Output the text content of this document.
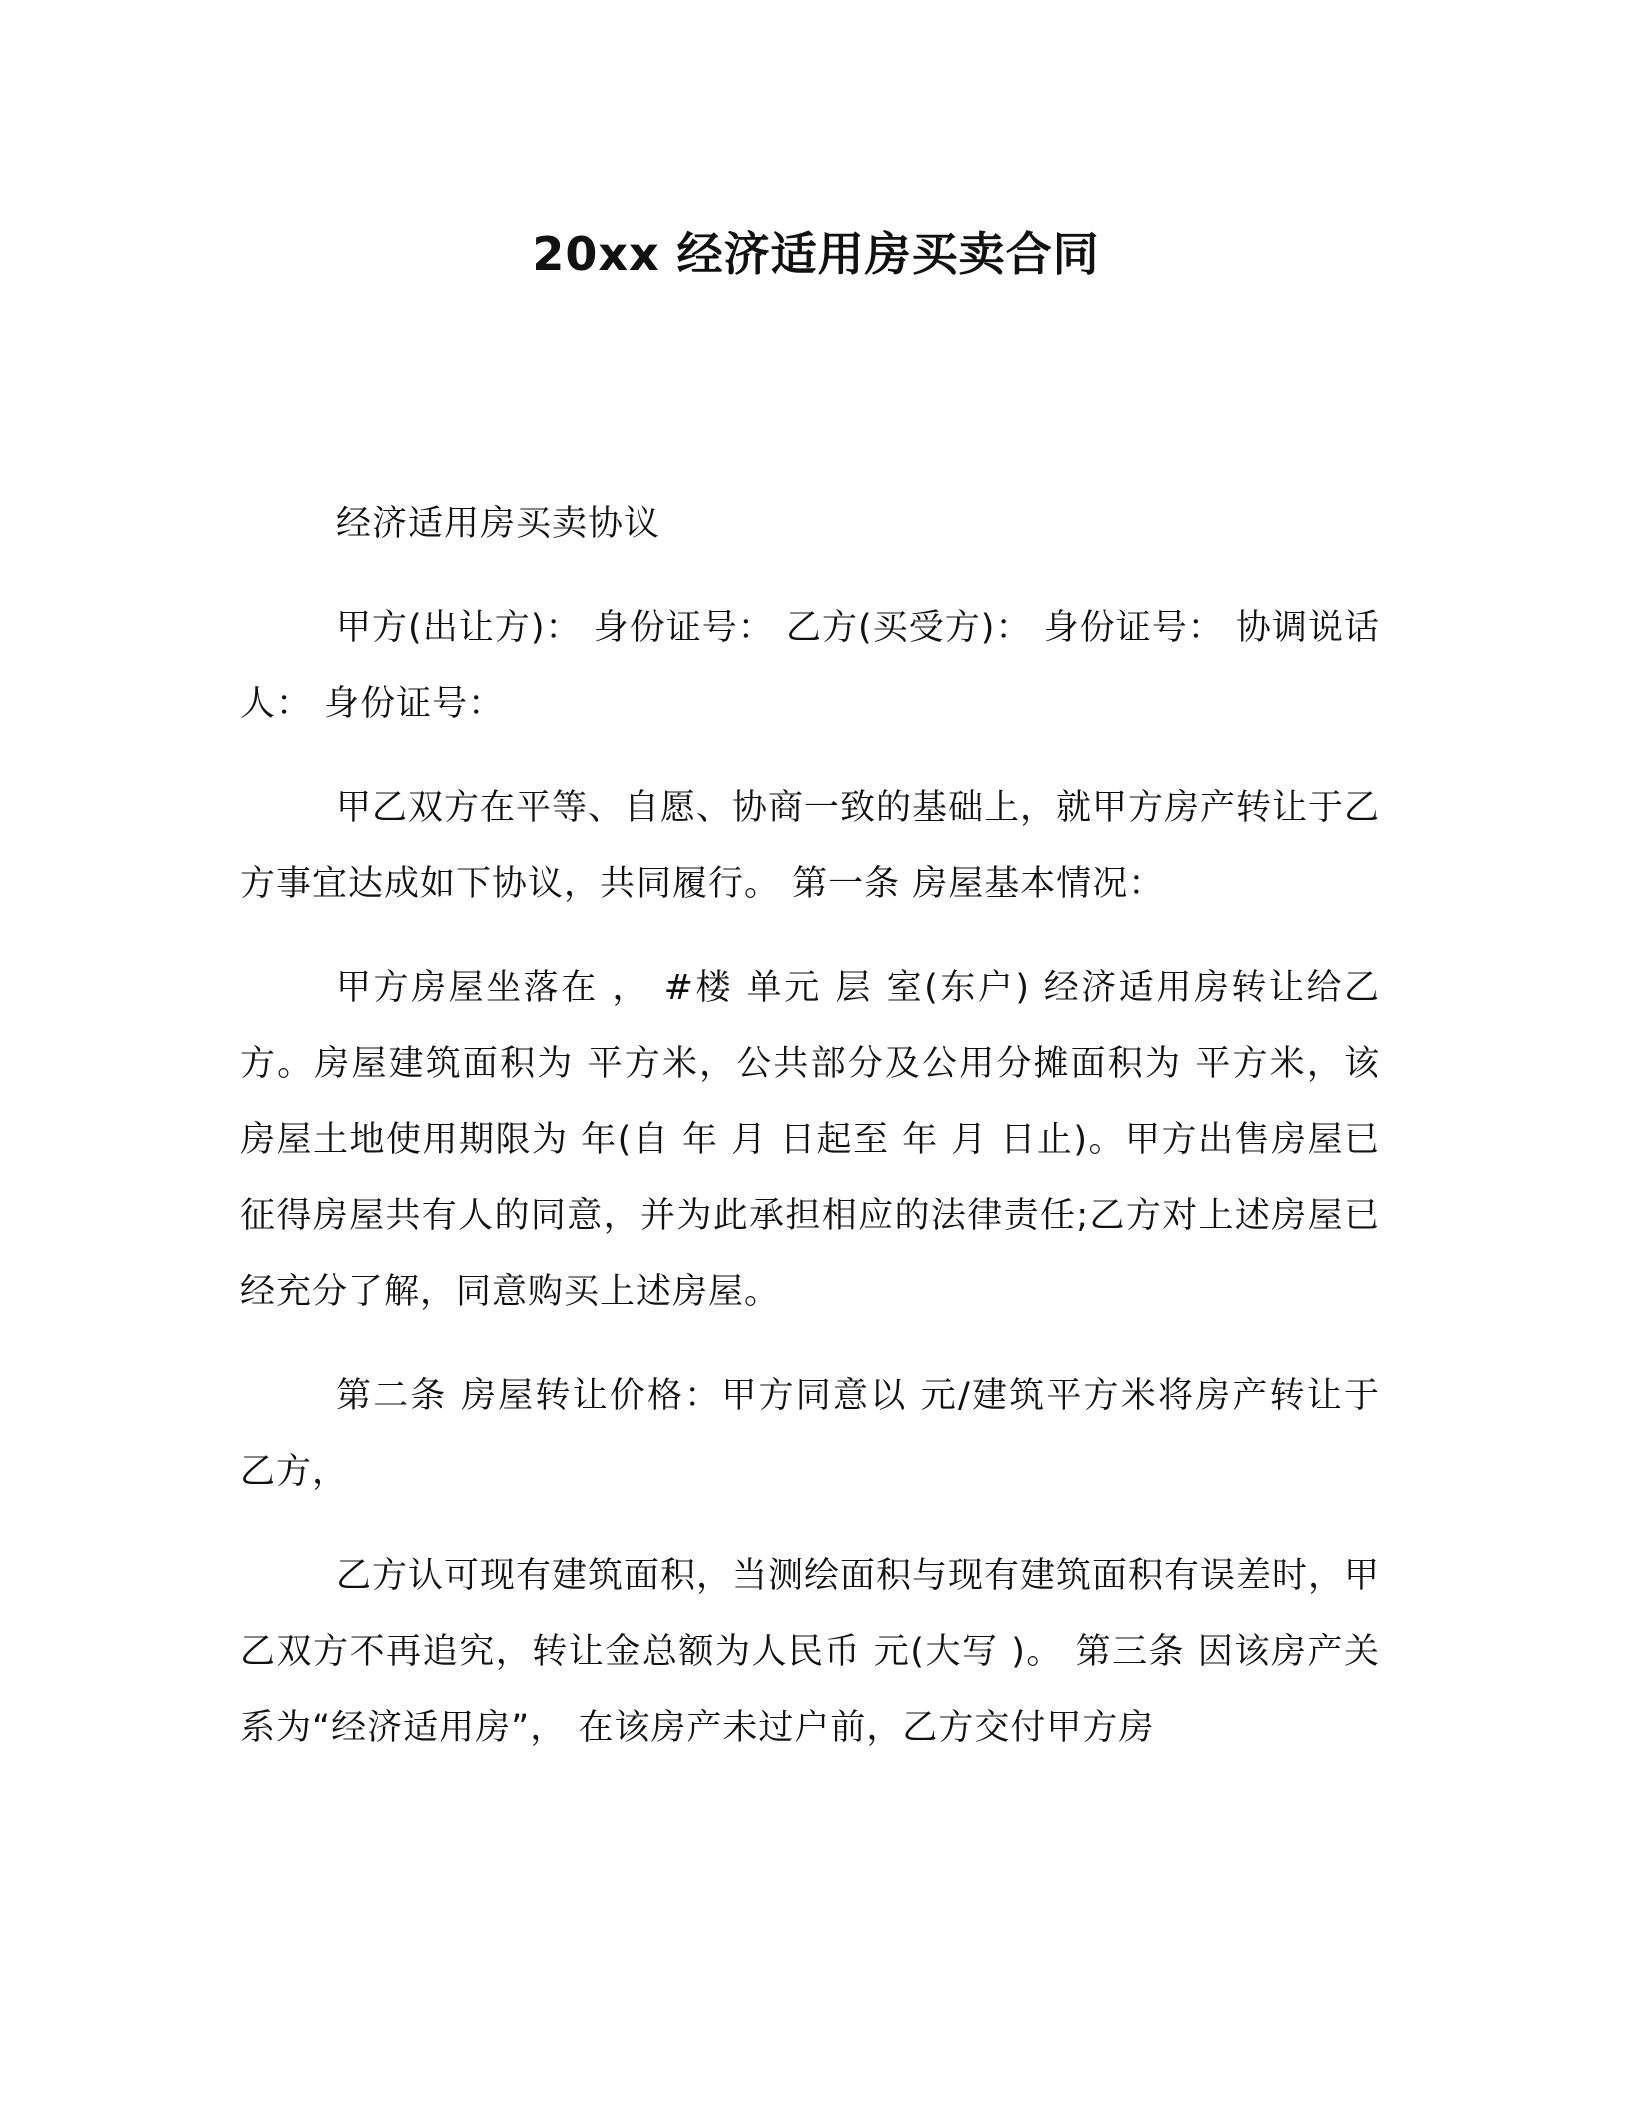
20xx 经济适用房买卖合同

经济适用房买卖协议

甲方(出让方)： 身份证号： 乙方(买受方)： 身份证号： 协调说话人： 身份证号：

甲乙双方在平等、自愿、协商一致的基础上，就甲方房产转让于乙方事宜达成如下协议，共同履行。 第一条 房屋基本情况：

甲方房屋坐落在 ， #楼 单元 层 室(东户) 经济适用房转让给乙方。房屋建筑面积为 平方米，公共部分及公用分摊面积为 平方米，该房屋土地使用期限为 年(自 年 月 日起至 年 月 日止)。甲方出售房屋已征得房屋共有人的同意，并为此承担相应的法律责任;乙方对上述房屋已经充分了解，同意购买上述房屋。

第二条 房屋转让价格：甲方同意以 元/建筑平方米将房产转让于乙方，

乙方认可现有建筑面积，当测绘面积与现有建筑面积有误差时，甲乙双方不再追究，转让金总额为人民币 元(大写 )。 第三条 因该房产关系为“经济适用房”， 在该房产未过户前，乙方交付甲方房
